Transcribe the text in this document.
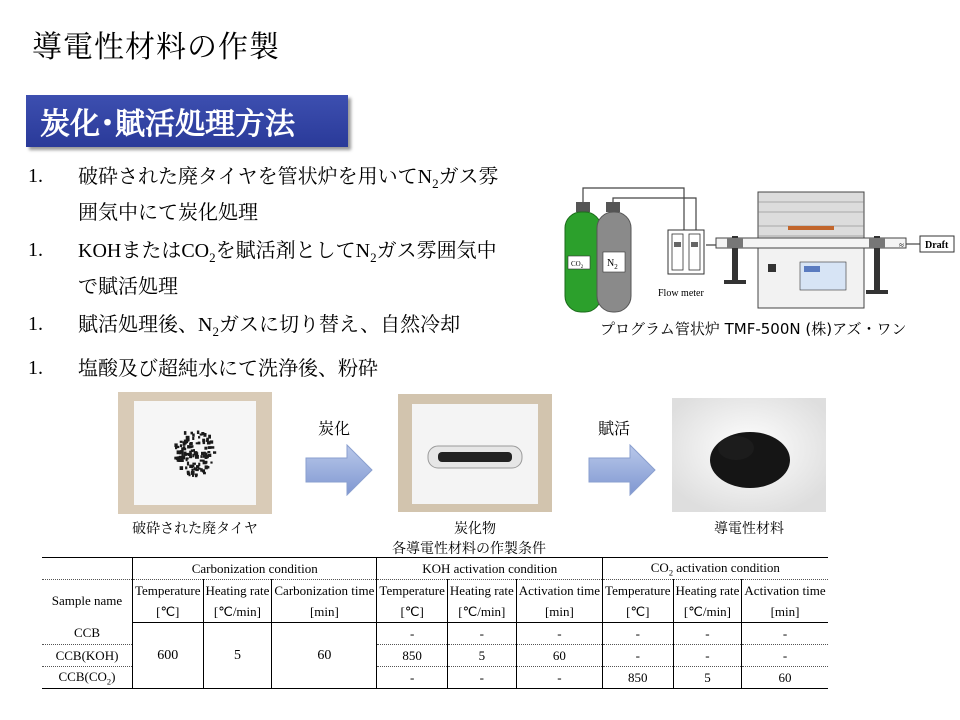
導電性材料の作製
炭化･賦活処理方法
1. 破砕された廃タイヤを管状炉を用いて$N_2$ガス雰
囲気中にて炭化処理
1. KOHまたは$CO_2$を賦活剤として$N_2$ガス雰囲気中
で賦活処理
1. 賦活処理後、$N_2$ガスに切り替え、自然冷却
1. 塩酸及び超純水にて洗浄後、粉砕
$CO_2$ $N_2$
Flow meter
≈ Draft
プログラム管状炉 TMF-500N (株)アズ・ワン
破砕された廃タイヤ
炭化
炭化物
賦活
導電性材料
各導電性材料の作製条件
	Carbonization condition			KOH activation condition			$CO_2$ activation condition		
Sample name	Temperature	Heating rate	Carbonization time	Temperature	Heating rate	Activation time	Temperature	Heating rate	Activation time
	[℃]	[℃/min]	[min]	[℃]	[℃/min]	[min]	[℃]	[℃/min]	[min]
CCB	600	5	60	-	-	-	-	-	-
CCB(KOH)				850	5	60	-	-	-
$CCB(CO_2)$				-	-	-	850	5	60
